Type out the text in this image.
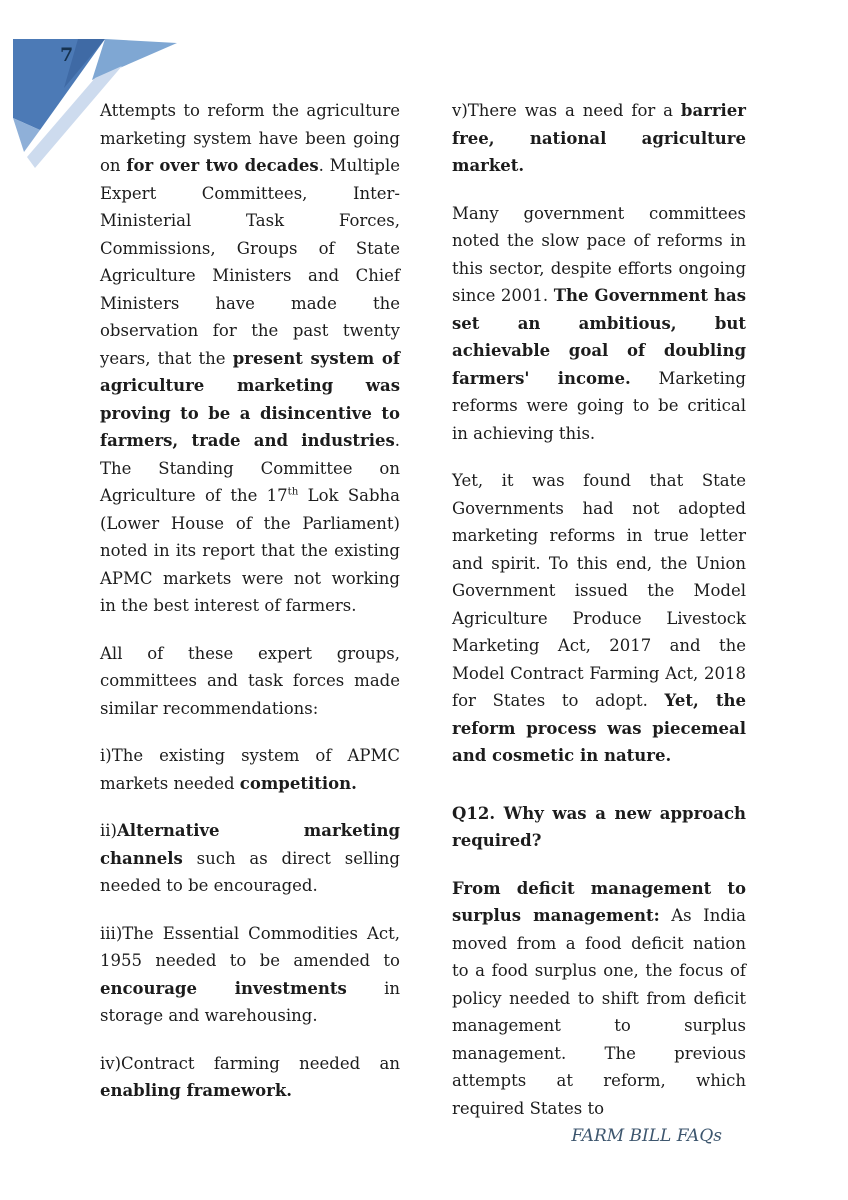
7

Attempts to reform the agriculture marketing system have been going on for over two decades. Multiple Expert Committees, Inter-Ministerial Task Forces, Commissions, Groups of State Agriculture Ministers and Chief Ministers have made the observation for the past twenty years, that the present system of agriculture marketing was proving to be a disincentive to farmers, trade and industries. The Standing Committee on Agriculture of the 17th Lok Sabha (Lower House of the Parliament) noted in its report that the existing APMC markets were not working in the best interest of farmers.

All of these expert groups, committees and task forces made similar recommendations:

i)The existing system of APMC markets needed competition.

ii)Alternative marketing channels such as direct selling needed to be encouraged.

iii)The Essential Commodities Act, 1955 needed to be amended to encourage investments in storage and warehousing.

iv)Contract farming needed an enabling framework.

v)There was a need for a barrier free, national agriculture market.

Many government committees noted the slow pace of reforms in this sector, despite efforts ongoing since 2001. The Government has set an ambitious, but achievable goal of doubling farmers' income. Marketing reforms were going to be critical in achieving this.

Yet, it was found that State Governments had not adopted marketing reforms in true letter and spirit. To this end, the Union Government issued the Model Agriculture Produce Livestock Marketing Act, 2017 and the Model Contract Farming Act, 2018 for States to adopt. Yet, the reform process was piecemeal and cosmetic in nature.

Q12. Why was a new approach required?

From deficit management to surplus management: As India moved from a food deficit nation to a food surplus one, the focus of policy needed to shift from deficit management to surplus management. The previous attempts at reform, which required States to

FARM BILL FAQs
